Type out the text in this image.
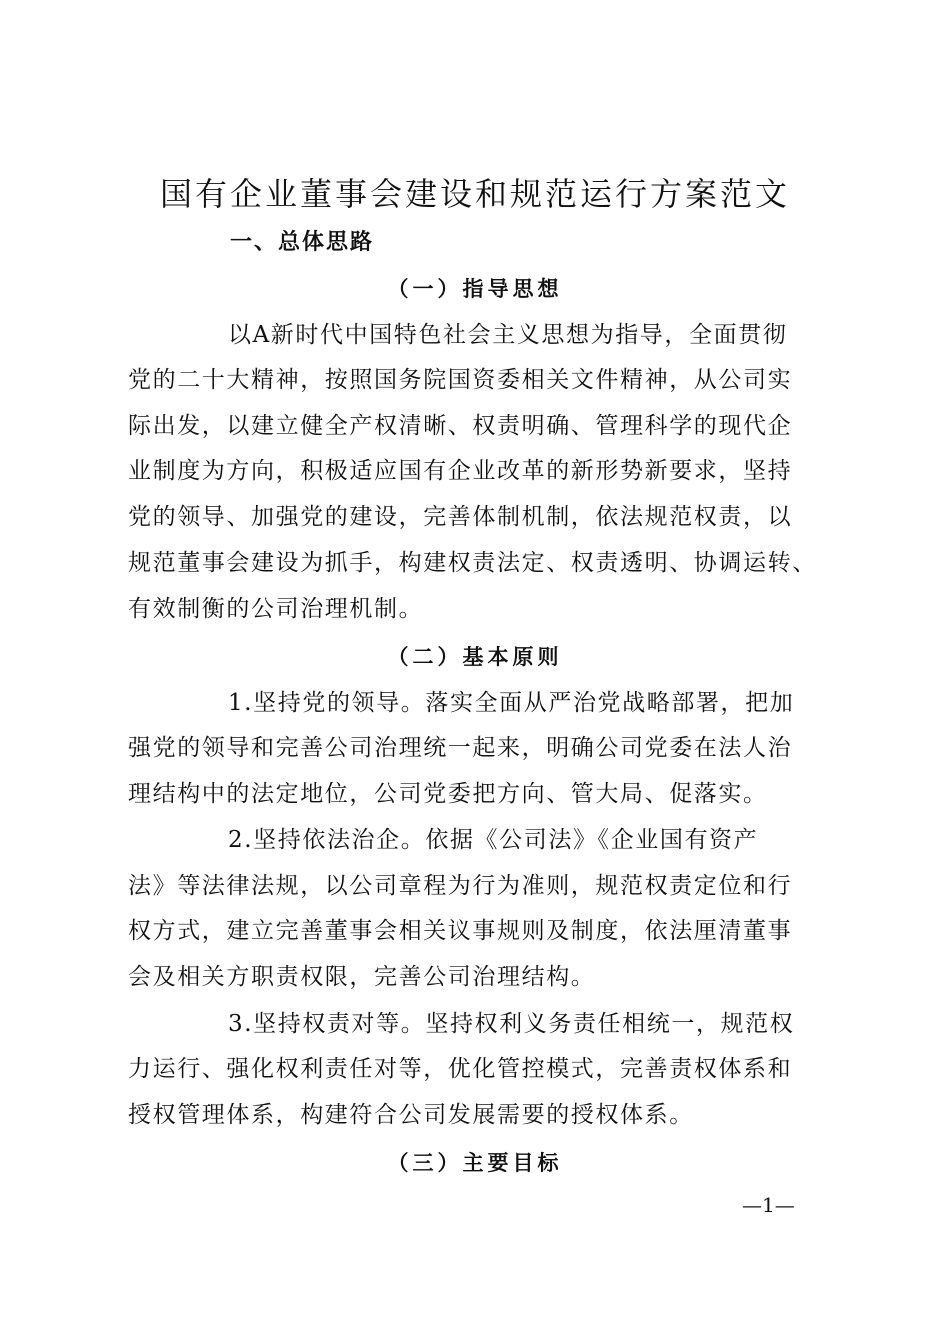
国有企业董事会建设和规范运行方案范文
一、总体思路
（一）指导思想
以A新时代中国特色社会主义思想为指导，全面贯彻
党的二十大精神，按照国务院国资委相关文件精神，从公司实
际出发，以建立健全产权清晰、权责明确、管理科学的现代企
业制度为方向，积极适应国有企业改革的新形势新要求，坚持
党的领导、加强党的建设，完善体制机制，依法规范权责，以
规范董事会建设为抓手，构建权责法定、权责透明、协调运转、
有效制衡的公司治理机制。
（二）基本原则
1.坚持党的领导。落实全面从严治党战略部署，把加
强党的领导和完善公司治理统一起来，明确公司党委在法人治
理结构中的法定地位，公司党委把方向、管大局、促落实。
2.坚持依法治企。依据《公司法》《企业国有资产
法》等法律法规，以公司章程为行为准则，规范权责定位和行
权方式，建立完善董事会相关议事规则及制度，依法厘清董事
会及相关方职责权限，完善公司治理结构。
3.坚持权责对等。坚持权利义务责任相统一，规范权
力运行、强化权利责任对等，优化管控模式，完善责权体系和
授权管理体系，构建符合公司发展需要的授权体系。
（三）主要目标
—1—
